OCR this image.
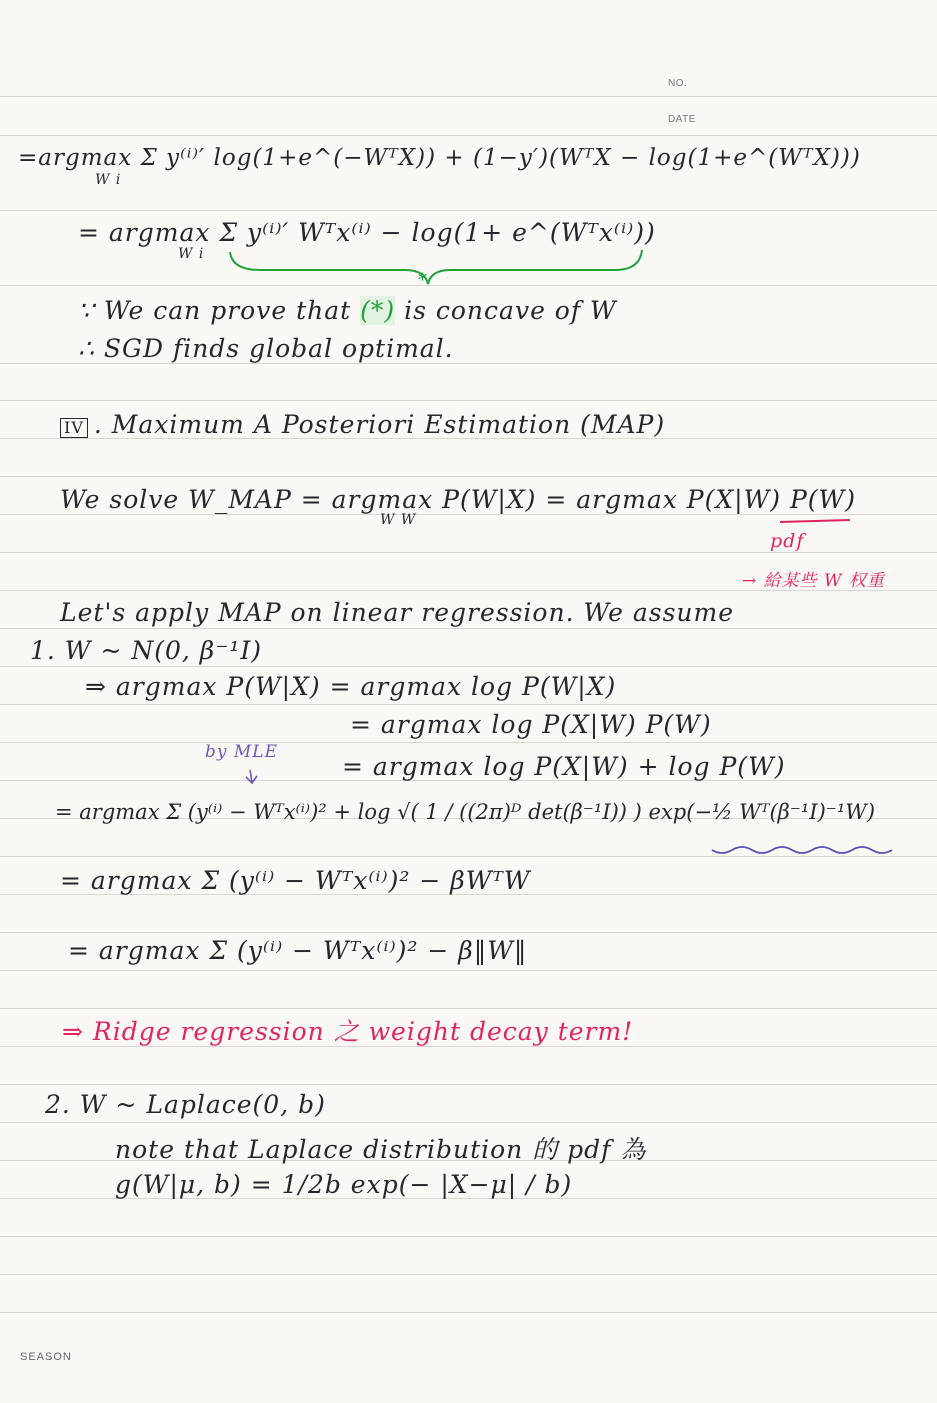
NO.
DATE
=argmax Σ y⁽ⁱ⁾′ log(1+e^(−WᵀX)) + (1−y′)(WᵀX − log(1+e^(WᵀX)))
W i
= argmax Σ y⁽ⁱ⁾′ Wᵀx⁽ⁱ⁾ − log(1+ e^(Wᵀx⁽ⁱ⁾))
W i
*
∵ We can prove that (*) is concave of W
∴ SGD finds global optimal.
IV . Maximum A Posteriori Estimation (MAP)
We solve W_MAP = argmax P(W|X) = argmax P(X|W) P(W)
W W
pdf
→ 給某些 W 权重
Let's apply MAP on linear regression. We assume
1. W ~ N(0, β⁻¹I)
⇒ argmax P(W|X) = argmax log P(W|X)
= argmax log P(X|W) P(W)
by MLE	= argmax log P(X|W) + log P(W)
= argmax Σ (y⁽ⁱ⁾ − Wᵀx⁽ⁱ⁾)² + log √( 1 / ((2π)ᴰ det(β⁻¹I)) ) exp(−½ Wᵀ(β⁻¹I)⁻¹W)
= argmax Σ (y⁽ⁱ⁾ − Wᵀx⁽ⁱ⁾)² − βWᵀW
= argmax Σ (y⁽ⁱ⁾ − Wᵀx⁽ⁱ⁾)² − β‖W‖
⇒ Ridge regression 之 weight decay term!
2. W ~ Laplace(0, b)
note that Laplace distribution 的 pdf 為
g(W|μ, b) = 1/2b exp(− |X−μ| / b)
SEASON
